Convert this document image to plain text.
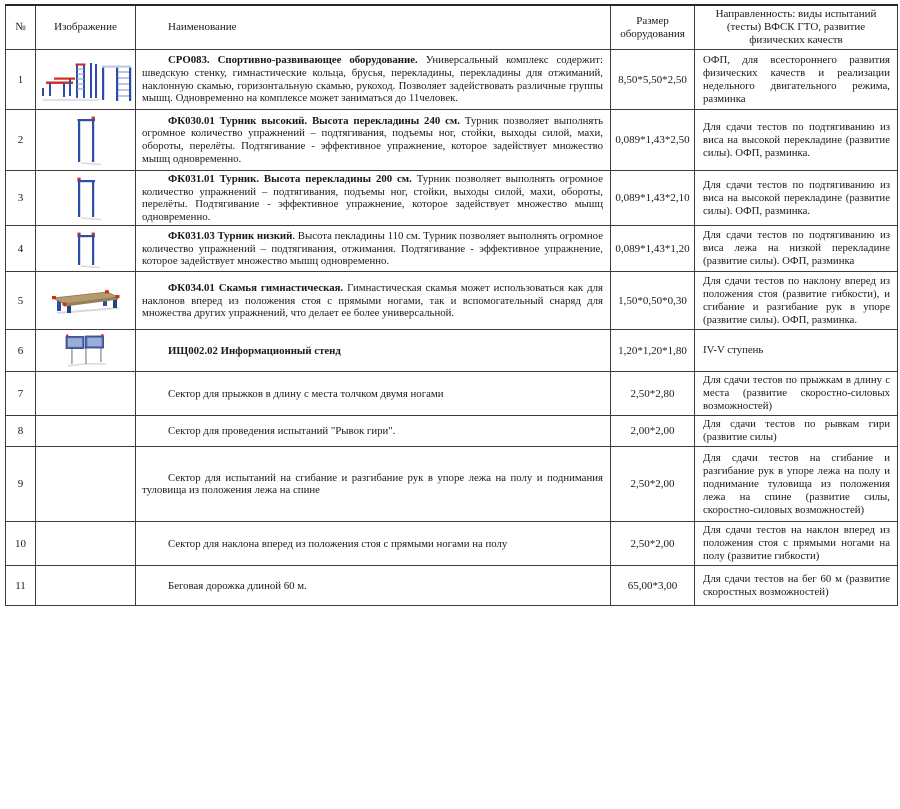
№	Изображение	Наименование	Размер оборудования	Направленность: виды испытаний (тесты) ВФСК ГТО, развитие физических качеств
1		СРО083. Спортивно-развивающее оборудование. Универсальный комплекс содержит: шведскую стенку, гимнастические кольца, брусья, перекладины, перекладины для отжиманий, наклонную скамью, горизонтальную скамью, рукоход. Позволяет задействовать различные группы мышц. Одновременно на комплексе может заниматься до 11человек.	8,50*5,50*2,50	ОФП, для всестороннего развития физических качеств и реализации недельного двигательного режима, разминка
2		ФК030.01 Турник высокий. Высота перекладины 240 см. Турник позволяет выполнять огромное количество упражнений – подтягивания, подъемы ног, стойки, выходы силой, махи, обороты, перелёты. Подтягивание - эффективное упражнение, которое задействует множество мышц одновременно.	0,089*1,43*2,50	Для сдачи тестов по подтягиванию из виса на высокой перекладине (развитие силы). ОФП, разминка.
3		ФК031.01 Турник. Высота перекладины 200 см. Турник позволяет выполнять огромное количество упражнений – подтягивания, подъемы ног, стойки, выходы силой, махи, обороты, перелёты. Подтягивание - эффективное упражнение, которое задействует множество мышц одновременно.	0,089*1,43*2,10	Для сдачи тестов по подтягиванию из виса на высокой перекладине (развитие силы). ОФП, разминка.
4		ФК031.03 Турник низкий. Высота пекладины 110 см. Турник позволяет выполнять огромное количество упражнений – подтягивания, отжимания. Подтягивание - эффективное упражнение, которое задействует множество мышц одновременно.	0,089*1,43*1,20	Для сдачи тестов по подтягиванию из виса лежа на низкой перекладине (развитие силы). ОФП, разминка
5		ФК034.01 Скамья гимнастическая. Гимнастическая скамья может использоваться как для наклонов вперед из положения стоя с прямыми ногами, так и вспомогательный снаряд для множества других упражнений, что делает ее более универсальной.	1,50*0,50*0,30	Для сдачи тестов по наклону вперед из положения стоя (развитие гибкости), и сгибание и разгибание рук в упоре (развитие силы). ОФП, разминка.
6		ИЩ002.02 Информационный стенд	1,20*1,20*1,80	IV-V ступень
7		Сектор для прыжков в длину с места толчком двумя ногами	2,50*2,80	Для сдачи тестов по прыжкам в длину с места (развитие скоростно-силовых возможностей)
8		Сектор для проведения испытаний "Рывок гири".	2,00*2,00	Для сдачи тестов по рывкам гири (развитие силы)
9		Сектор для испытаний на сгибание и разгибание рук в упоре лежа на полу и поднимания туловища из положения лежа на спине	2,50*2,00	Для сдачи тестов на сгибание и разгибание рук в упоре лежа на полу и поднимание туловища из положения лежа на спине (развитие силы, скоростно-силовых возможностей)
10		Сектор для наклона вперед из положения стоя с прямыми ногами на полу	2,50*2,00	Для сдачи тестов на наклон вперед из положения стоя с прямыми ногами на полу (развитие гибкости)
11		Беговая дорожка длиной 60 м.	65,00*3,00	Для сдачи тестов на бег 60 м (развитие скоростных возможностей)
